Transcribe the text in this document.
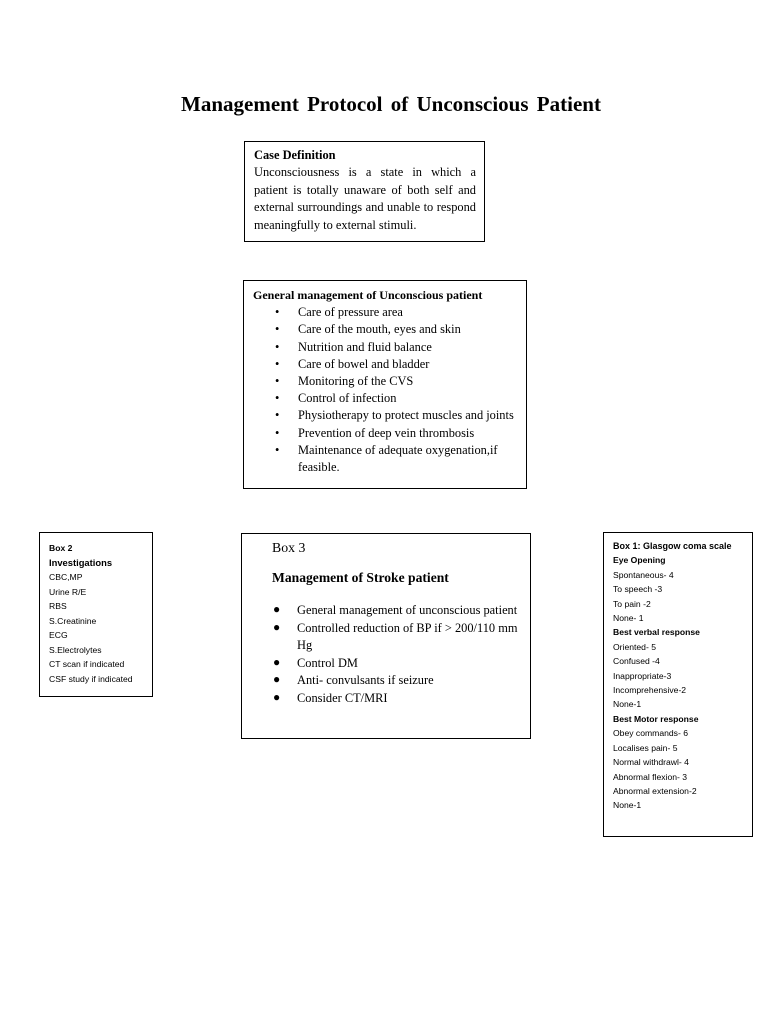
Management Protocol of Unconscious Patient
Case Definition
Unconsciousness is a state in which a patient is totally unaware of both self and external surroundings and unable to respond meaningfully to external stimuli.
General management of Unconscious patient
• Care of pressure area
• Care of the mouth, eyes and skin
• Nutrition and fluid balance
• Care of bowel and bladder
• Monitoring of the CVS
• Control of infection
• Physiotherapy to protect muscles and joints
• Prevention of deep vein thrombosis
• Maintenance of adequate oxygenation,if feasible.
Box 2
Investigations
CBC,MP
Urine R/E
RBS
S.Creatinine
ECG
S.Electrolytes
CT scan if indicated
CSF study if indicated
Box 3
Management of Stroke patient
● General management of unconscious patient
● Controlled reduction of BP if > 200/110 mm Hg
● Control DM
● Anti- convulsants if seizure
● Consider CT/MRI
Box 1: Glasgow coma scale
Eye Opening
Spontaneous- 4
To speech -3
To pain -2
None- 1
Best verbal response
Oriented- 5
Confused -4
Inappropriate-3
Incomprehensive-2
None-1
Best Motor response
Obey commands- 6
Localises pain- 5
Normal withdrawl- 4
Abnormal flexion- 3
Abnormal extension-2
None-1
